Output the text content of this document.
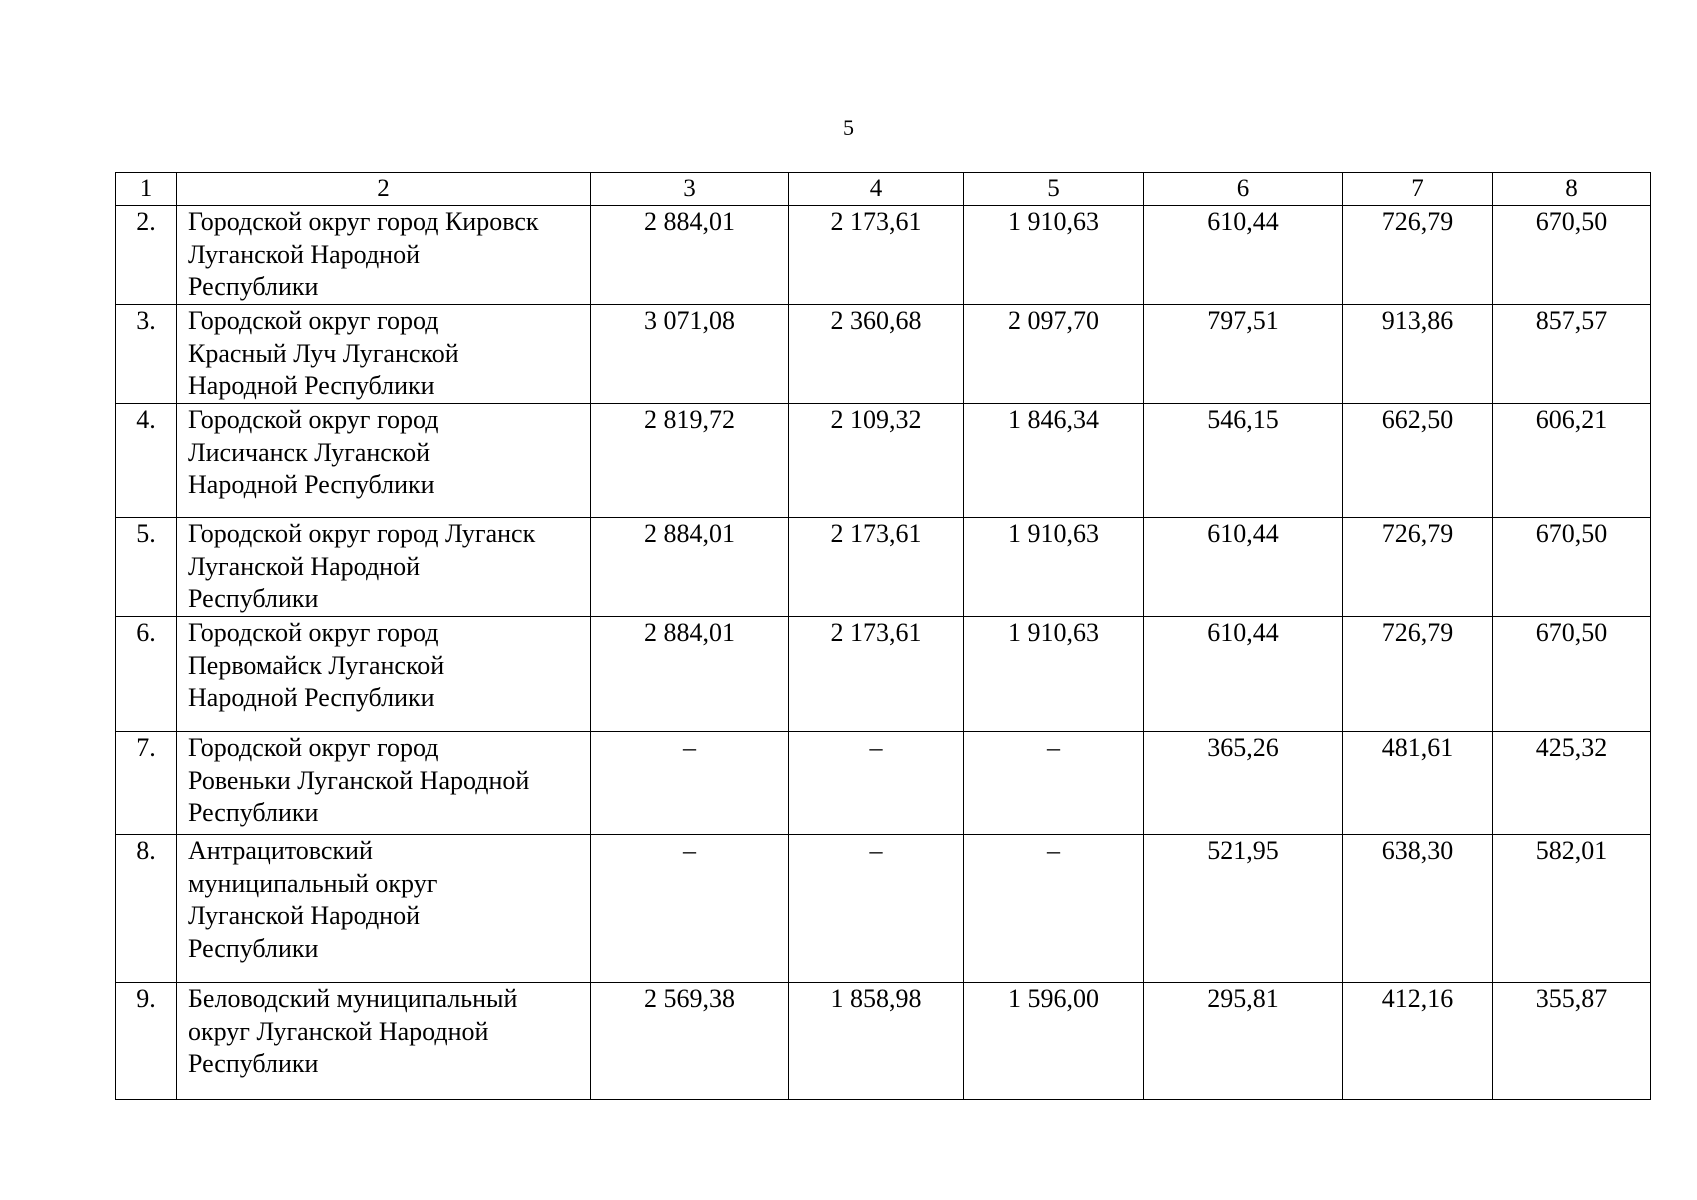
5
1	2	3	4	5	6	7	8
2.	Городской округ город Кировск
Луганской Народной
Республики	2 884,01	2 173,61	1 910,63	610,44	726,79	670,50
3.	Городской округ город
Красный Луч Луганской
Народной Республики	3 071,08	2 360,68	2 097,70	797,51	913,86	857,57
4.	Городской округ город
Лисичанск Луганской
Народной Республики	2 819,72	2 109,32	1 846,34	546,15	662,50	606,21
5.	Городской округ город Луганск
Луганской Народной
Республики	2 884,01	2 173,61	1 910,63	610,44	726,79	670,50
6.	Городской округ город
Первомайск Луганской
Народной Республики	2 884,01	2 173,61	1 910,63	610,44	726,79	670,50
7.	Городской округ город
Ровеньки Луганской Народной
Республики	–	–	–	365,26	481,61	425,32
8.	Антрацитовский
муниципальный округ
Луганской Народной
Республики	–	–	–	521,95	638,30	582,01
9.	Беловодский муниципальный
округ Луганской Народной
Республики	2 569,38	1 858,98	1 596,00	295,81	412,16	355,87
